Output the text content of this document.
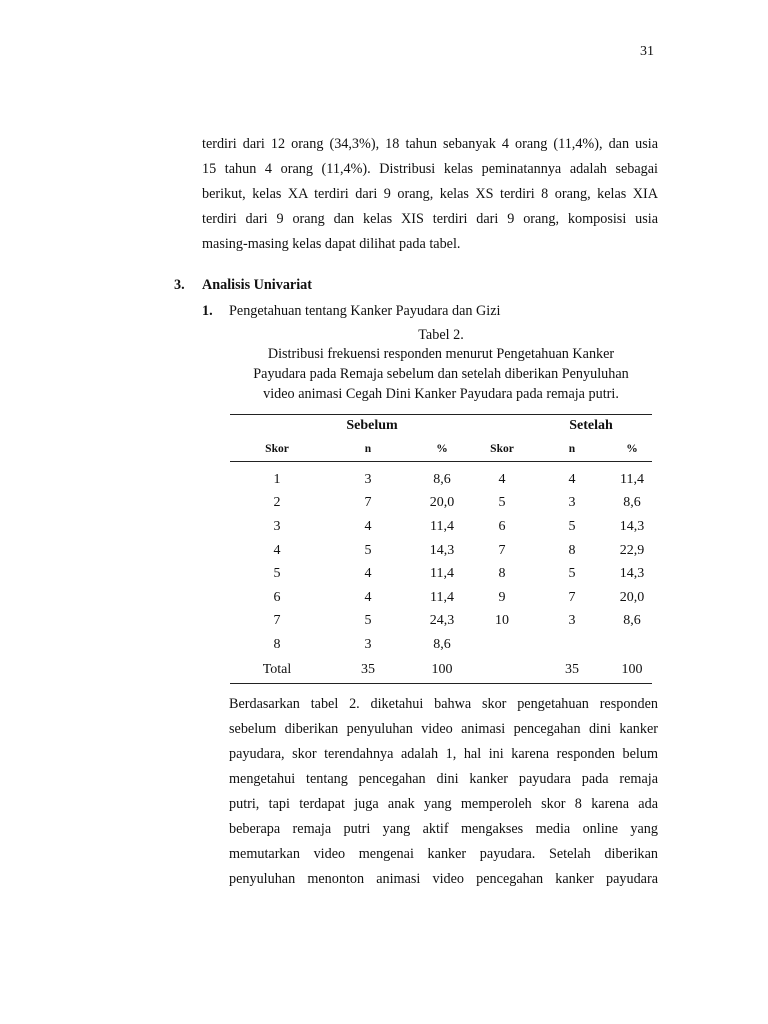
31
terdiri dari 12 orang (34,3%), 18 tahun sebanyak 4 orang (11,4%), dan usia
15 tahun 4 orang (11,4%). Distribusi kelas peminatannya adalah sebagai
berikut, kelas XA terdiri dari 9 orang, kelas XS terdiri 8 orang, kelas XIA
terdiri dari 9 orang dan kelas XIS terdiri dari 9 orang, komposisi usia
masing-masing kelas dapat dilihat pada tabel.
3. Analisis Univariat
1. Pengetahuan tentang Kanker Payudara dan Gizi
Tabel 2.
Distribusi frekuensi responden menurut Pengetahuan Kanker
Payudara pada Remaja sebelum dan setelah diberikan Penyuluhan
video animasi Cegah Dini Kanker Payudara pada remaja putri.
Sebelum			Setelah		
Skor	n	%	Skor	n	%
1	3	8,6	4	4	11,4
2	7	20,0	5	3	8,6
3	4	11,4	6	5	14,3
4	5	14,3	7	8	22,9
5	4	11,4	8	5	14,3
6	4	11,4	9	7	20,0
7	5	24,3	10	3	8,6
8	3	8,6			
Total	35	100		35	100
Berdasarkan tabel 2. diketahui bahwa skor pengetahuan responden
sebelum diberikan penyuluhan video animasi pencegahan dini kanker
payudara, skor terendahnya adalah 1, hal ini karena responden belum
mengetahui tentang pencegahan dini kanker payudara pada remaja
putri, tapi terdapat juga anak yang memperoleh skor 8 karena ada
beberapa remaja putri yang aktif mengakses media online yang
memutarkan video mengenai kanker payudara. Setelah diberikan
penyuluhan menonton animasi video pencegahan kanker payudara
